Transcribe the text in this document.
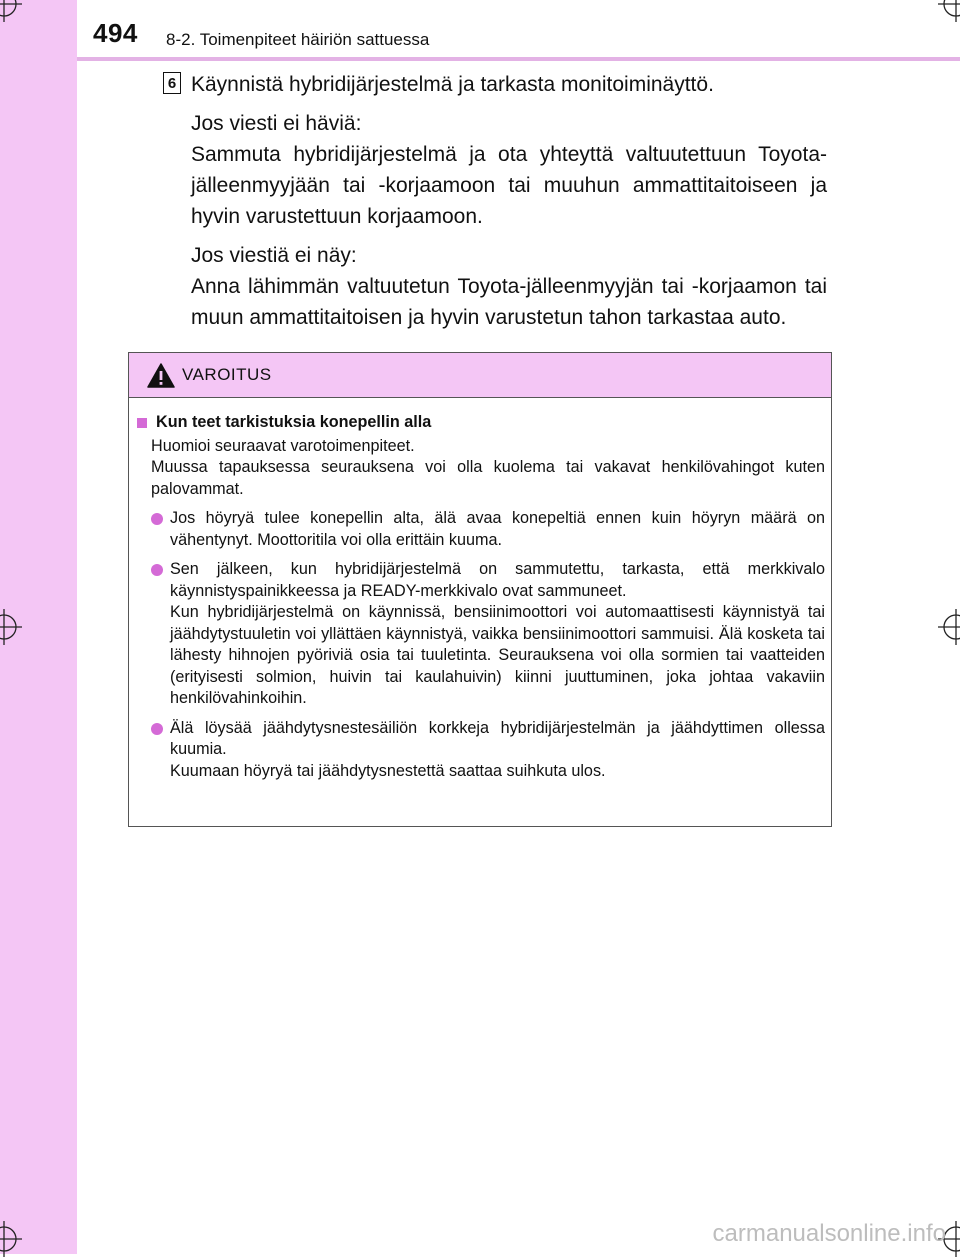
494 8-2. Toimenpiteet häiriön sattuessa
6 Käynnistä hybridijärjestelmä ja tarkasta monitoiminäyttö.

Jos viesti ei häviä:

Sammuta hybridijärjestelmä ja ota yhteyttä valtuutettuun Toyota-jälleenmyyjään tai -korjaamoon tai muuhun ammattitaitoiseen ja hyvin varustettuun korjaamoon.

Jos viestiä ei näy:

Anna lähimmän valtuutetun Toyota-jälleenmyyjän tai -korjaamon tai muun ammattitaitoisen ja hyvin varustetun tahon tarkastaa auto.

VAROITUS
Kun teet tarkistuksia konepellin alla

Huomioi seuraavat varotoimenpiteet.

Muussa tapauksessa seurauksena voi olla kuolema tai vakavat henkilövahingot kuten palovammat.

Jos höyryä tulee konepellin alta, älä avaa konepeltiä ennen kuin höyryn määrä on vähentynyt. Moottoritila voi olla erittäin kuuma.

Sen jälkeen, kun hybridijärjestelmä on sammutettu, tarkasta, että merkkivalo käynnistyspainikkeessa ja READY-merkkivalo ovat sammuneet.

Kun hybridijärjestelmä on käynnissä, bensiinimoottori voi automaattisesti käynnistyä tai jäähdytystuuletin voi yllättäen käynnistyä, vaikka bensiinimoottori sammuisi. Älä kosketa tai lähesty hihnojen pyöriviä osia tai tuuletinta. Seurauksena voi olla sormien tai vaatteiden (erityisesti solmion, huivin tai kaulahuivin) kiinni juuttuminen, joka johtaa vakaviin henkilövahinkoihin.

Älä löysää jäähdytysnestesäiliön korkkeja hybridijärjestelmän ja jäähdyttimen ollessa kuumia.

Kuumaan höyryä tai jäähdytysnestettä saattaa suihkuta ulos.

carmanualsonline.info
